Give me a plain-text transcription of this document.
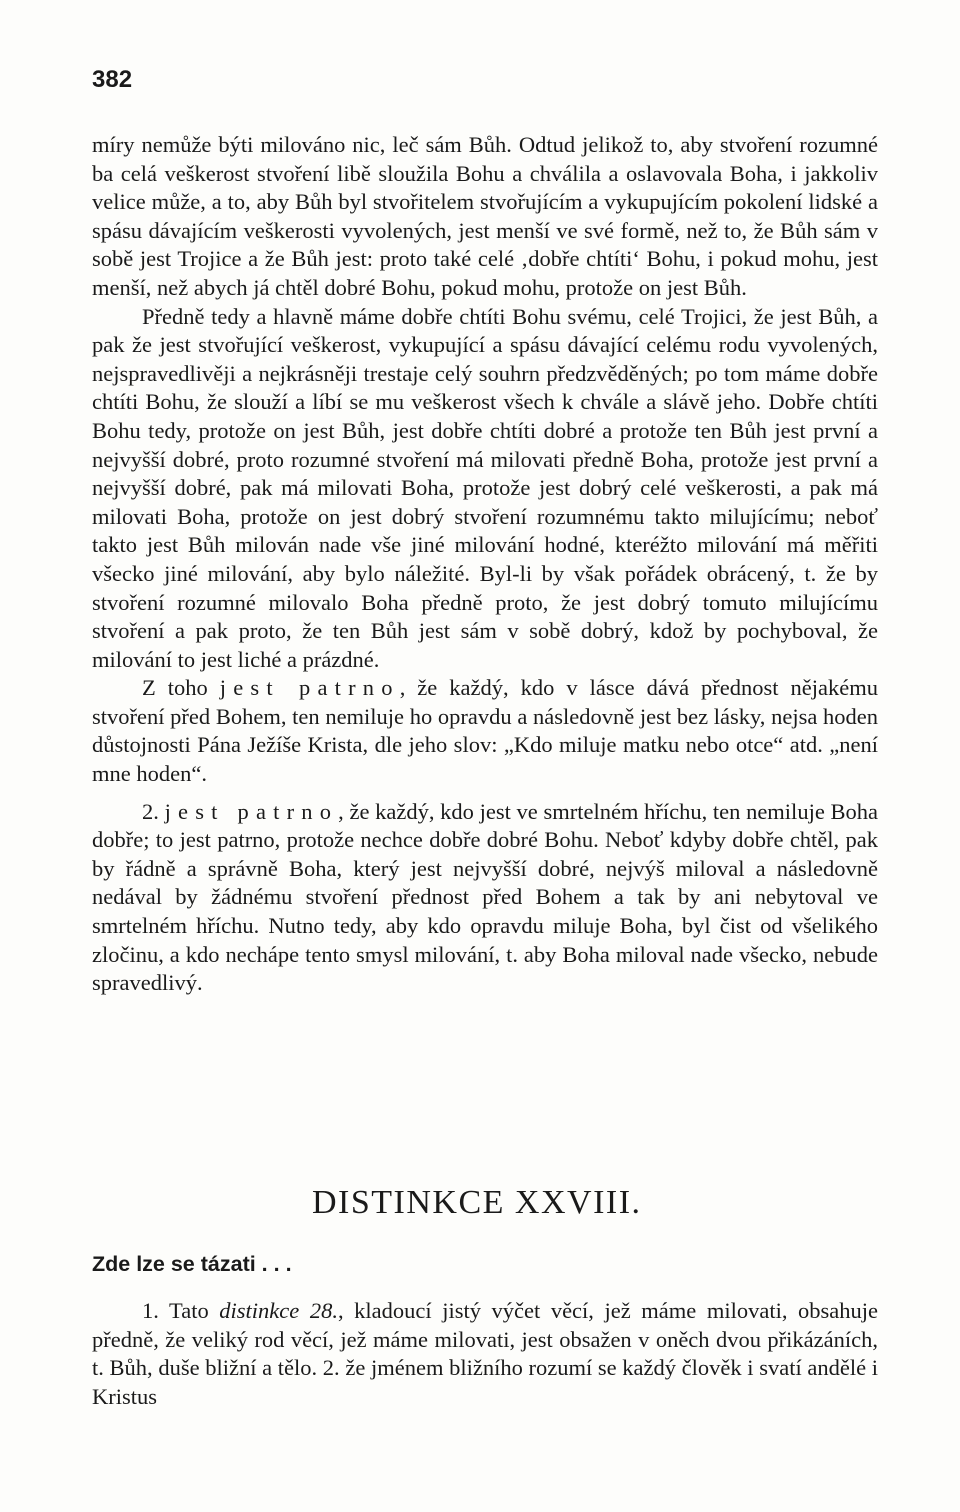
382

míry nemůže býti milováno nic, leč sám Bůh. Odtud jelikož to, aby stvoření rozumné ba celá veškerost stvoření libě sloužila Bohu a chválila a oslavovala Boha, i jakkoliv velice může, a to, aby Bůh byl stvořitelem stvořujícím a vykupujícím pokolení lidské a spásu dávajícím veškerosti vyvolených, jest menší ve své formě, než to, že Bůh sám v sobě jest Trojice a že Bůh jest: proto také celé ‚dobře chtíti‘ Bohu, i pokud mohu, jest menší, než abych já chtěl dobré Bohu, pokud mohu, protože on jest Bůh.

Předně tedy a hlavně máme dobře chtíti Bohu svému, celé Trojici, že jest Bůh, a pak že jest stvořující veškerost, vykupující a spásu dávající celému rodu vyvolených, nejspravedlivěji a nejkrásněji trestaje celý souhrn předzvěděných; po tom máme dobře chtíti Bohu, že slouží a líbí se mu veškerost všech k chvále a slávě jeho. Dobře chtíti Bohu tedy, protože on jest Bůh, jest dobře chtíti dobré a protože ten Bůh jest první a nejvyšší dobré, proto rozumné stvoření má milovati předně Boha, protože jest první a nejvyšší dobré, pak má milovati Boha, protože jest dobrý celé veškerosti, a pak má milovati Boha, protože on jest dobrý stvoření rozumnému takto milujícímu; neboť takto jest Bůh milován nade vše jiné milování hodné, kteréžto milování má měřiti všecko jiné milování, aby bylo náležité. Byl-li by však pořádek obrácený, t. že by stvoření rozumné milovalo Boha předně proto, že jest dobrý tomuto milujícímu stvoření a pak proto, že ten Bůh jest sám v sobě dobrý, kdož by pochyboval, že milování to jest liché a prázdné.

Z toho jest patrno, že každý, kdo v lásce dává přednost nějakému stvoření před Bohem, ten nemiluje ho opravdu a následovně jest bez lásky, nejsa hoden důstojnosti Pána Ježíše Krista, dle jeho slov: „Kdo miluje matku nebo otce“ atd. „není mne hoden“.

2. jest patrno, že každý, kdo jest ve smrtelném hříchu, ten nemiluje Boha dobře; to jest patrno, protože nechce dobře dobré Bohu. Neboť kdyby dobře chtěl, pak by řádně a správně Boha, který jest nejvyšší dobré, nejvýš miloval a následovně nedával by žádnému stvoření přednost před Bohem a tak by ani nebytoval ve smrtelném hříchu. Nutno tedy, aby kdo opravdu miluje Boha, byl čist od všelikého zločinu, a kdo nechápe tento smysl milování, t. aby Boha miloval nade všecko, nebude spravedlivý.

DISTINKCE XXVIII.
Zde lze se tázati . . .

1. Tato distinkce 28., kladoucí jistý výčet věcí, jež máme milovati, obsahuje předně, že veliký rod věcí, jež máme milovati, jest obsažen v oněch dvou přikázáních, t. Bůh, duše bližní a tělo. 2. že jménem bližního rozumí se každý člověk i svatí andělé i Kristus
